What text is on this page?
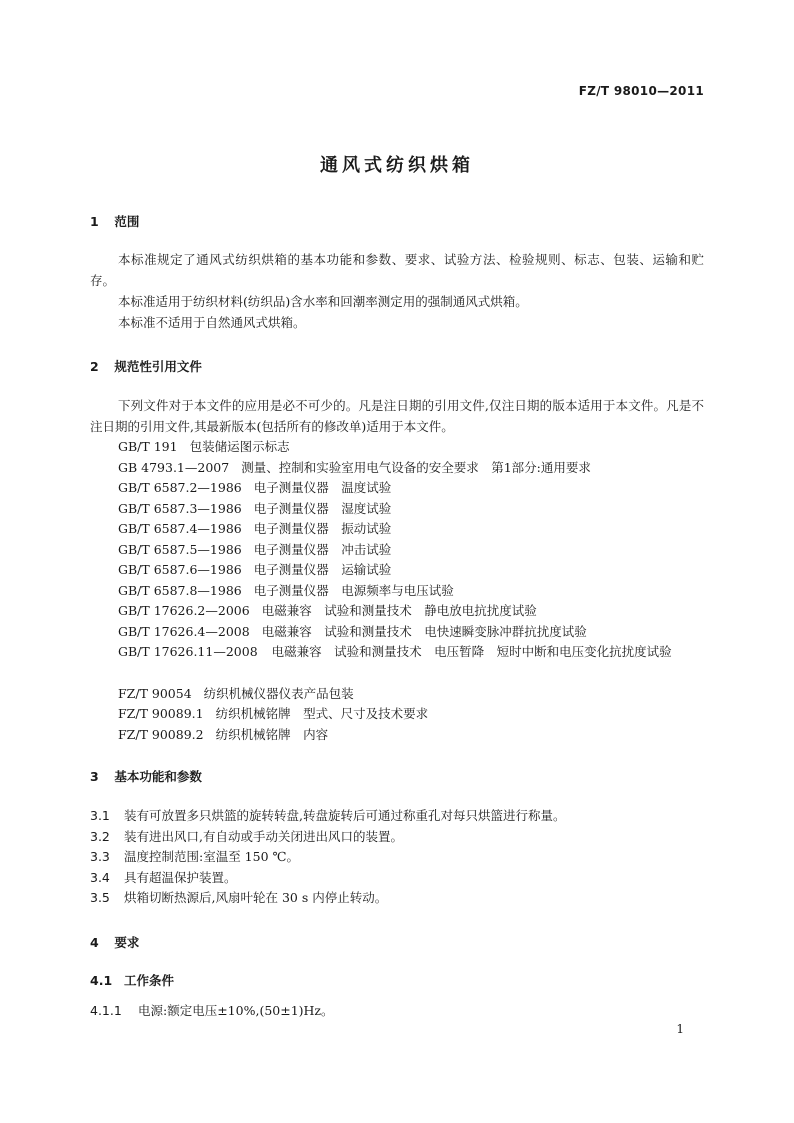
FZ/T 98010—2011
通风式纺织烘箱
1 范围
本标准规定了通风式纺织烘箱的基本功能和参数、要求、试验方法、检验规则、标志、包装、运输和贮存。
本标准适用于纺织材料(纺织品)含水率和回潮率测定用的强制通风式烘箱。
本标准不适用于自然通风式烘箱。
2 规范性引用文件
下列文件对于本文件的应用是必不可少的。凡是注日期的引用文件,仅注日期的版本适用于本文件。凡是不注日期的引用文件,其最新版本(包括所有的修改单)适用于本文件。
GB/T 191 包装储运图示标志
GB 4793.1—2007 测量、控制和实验室用电气设备的安全要求　第1部分:通用要求
GB/T 6587.2—1986 电子测量仪器　温度试验
GB/T 6587.3—1986 电子测量仪器　湿度试验
GB/T 6587.4—1986 电子测量仪器　振动试验
GB/T 6587.5—1986 电子测量仪器　冲击试验
GB/T 6587.6—1986 电子测量仪器　运输试验
GB/T 6587.8—1986 电子测量仪器　电源频率与电压试验
GB/T 17626.2—2006 电磁兼容　试验和测量技术　静电放电抗扰度试验
GB/T 17626.4—2008 电磁兼容　试验和测量技术　电快速瞬变脉冲群抗扰度试验
GB/T 17626.11—2008 电磁兼容　试验和测量技术　电压暂降　短时中断和电压变化抗扰度试验
FZ/T 90054 纺织机械仪器仪表产品包装
FZ/T 90089.1 纺织机械铭牌　型式、尺寸及技术要求
FZ/T 90089.2 纺织机械铭牌　内容
3 基本功能和参数
3.1 装有可放置多只烘篮的旋转转盘,转盘旋转后可通过称重孔对每只烘篮进行称量。
3.2 装有进出风口,有自动或手动关闭进出风口的装置。
3.3 温度控制范围:室温至 150 ℃。
3.4 具有超温保护装置。
3.5 烘箱切断热源后,风扇叶轮在 30 s 内停止转动。
4 要求
4.1 工作条件
4.1.1 电源:额定电压±10%,(50±1)Hz。
1
